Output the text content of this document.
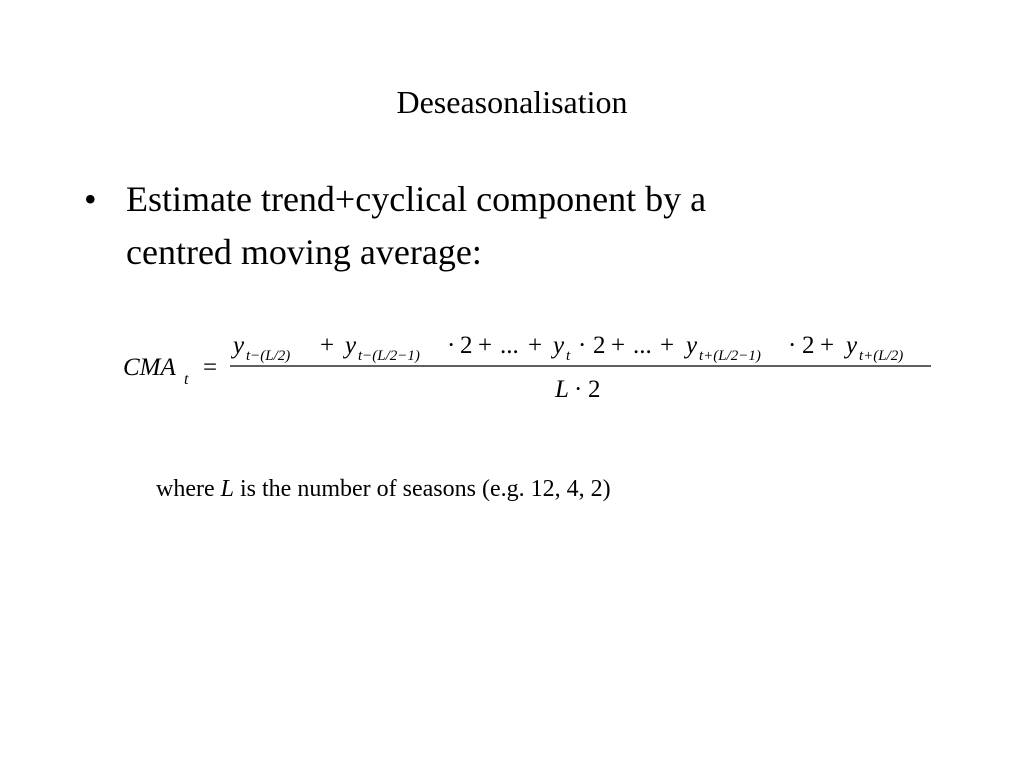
Deseasonalisation
• Estimate trend+cyclical component by a
centred moving average:
CMA t =
y t−(L/2) + y t−(L/2−1) · 2 + ... + y t · 2 + ... + y t+(L/2−1) · 2 + y t+(L/2)
L · 2
where L is the number of seasons (e.g. 12, 4, 2)
